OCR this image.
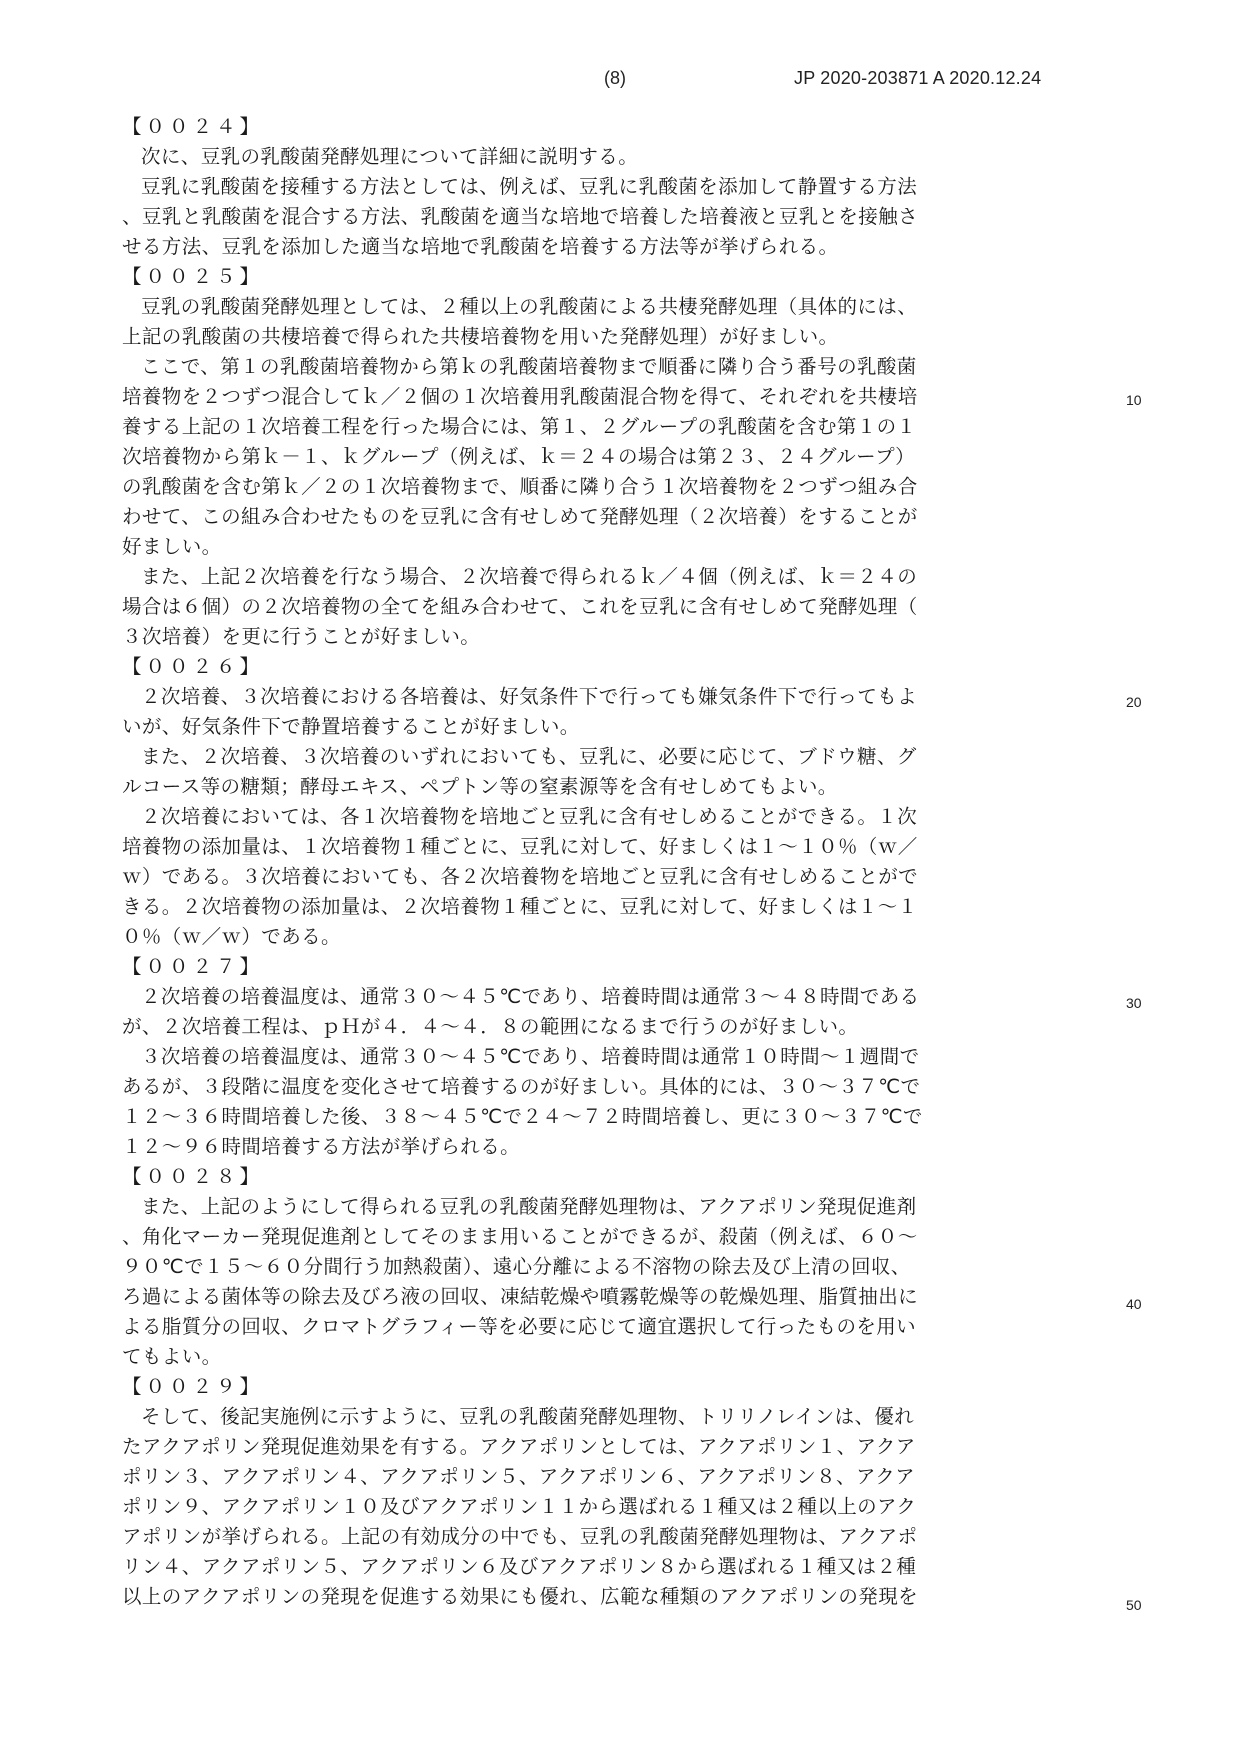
(8)	JP 2020-203871 A 2020.12.24
【００２４】
次に、豆乳の乳酸菌発酵処理について詳細に説明する。
豆乳に乳酸菌を接種する方法としては、例えば、豆乳に乳酸菌を添加して静置する方法
、豆乳と乳酸菌を混合する方法、乳酸菌を適当な培地で培養した培養液と豆乳とを接触さ
せる方法、豆乳を添加した適当な培地で乳酸菌を培養する方法等が挙げられる。
【００２５】
豆乳の乳酸菌発酵処理としては、２種以上の乳酸菌による共棲発酵処理（具体的には、
上記の乳酸菌の共棲培養で得られた共棲培養物を用いた発酵処理）が好ましい。
ここで、第１の乳酸菌培養物から第ｋの乳酸菌培養物まで順番に隣り合う番号の乳酸菌
培養物を２つずつ混合してｋ／２個の１次培養用乳酸菌混合物を得て、それぞれを共棲培
養する上記の１次培養工程を行った場合には、第１、２グループの乳酸菌を含む第１の１
次培養物から第ｋ－１、ｋグループ（例えば、ｋ＝２４の場合は第２３、２４グループ）
の乳酸菌を含む第ｋ／２の１次培養物まで、順番に隣り合う１次培養物を２つずつ組み合
わせて、この組み合わせたものを豆乳に含有せしめて発酵処理（２次培養）をすることが
好ましい。
また、上記２次培養を行なう場合、２次培養で得られるｋ／４個（例えば、ｋ＝２４の
場合は６個）の２次培養物の全てを組み合わせて、これを豆乳に含有せしめて発酵処理（
３次培養）を更に行うことが好ましい。
【００２６】
２次培養、３次培養における各培養は、好気条件下で行っても嫌気条件下で行ってもよ
いが、好気条件下で静置培養することが好ましい。
また、２次培養、３次培養のいずれにおいても、豆乳に、必要に応じて、ブドウ糖、グ
ルコース等の糖類；酵母エキス、ペプトン等の窒素源等を含有せしめてもよい。
２次培養においては、各１次培養物を培地ごと豆乳に含有せしめることができる。１次
培養物の添加量は、１次培養物１種ごとに、豆乳に対して、好ましくは１～１０％（ｗ／
ｗ）である。３次培養においても、各２次培養物を培地ごと豆乳に含有せしめることがで
きる。２次培養物の添加量は、２次培養物１種ごとに、豆乳に対して、好ましくは１～１
０％（ｗ／ｗ）である。
【００２７】
２次培養の培養温度は、通常３０～４５℃であり、培養時間は通常３～４８時間である
が、２次培養工程は、ｐＨが４．４～４．８の範囲になるまで行うのが好ましい。
３次培養の培養温度は、通常３０～４５℃であり、培養時間は通常１０時間～１週間で
あるが、３段階に温度を変化させて培養するのが好ましい。具体的には、３０～３７℃で
１２～３６時間培養した後、３８～４５℃で２４～７２時間培養し、更に３０～３７℃で
１２～９６時間培養する方法が挙げられる。
【００２８】
また、上記のようにして得られる豆乳の乳酸菌発酵処理物は、アクアポリン発現促進剤
、角化マーカー発現促進剤としてそのまま用いることができるが、殺菌（例えば、６０～
９０℃で１５～６０分間行う加熱殺菌）、遠心分離による不溶物の除去及び上清の回収、
ろ過による菌体等の除去及びろ液の回収、凍結乾燥や噴霧乾燥等の乾燥処理、脂質抽出に
よる脂質分の回収、クロマトグラフィー等を必要に応じて適宜選択して行ったものを用い
てもよい。
【００２９】
そして、後記実施例に示すように、豆乳の乳酸菌発酵処理物、トリリノレインは、優れ
たアクアポリン発現促進効果を有する。アクアポリンとしては、アクアポリン１、アクア
ポリン３、アクアポリン４、アクアポリン５、アクアポリン６、アクアポリン８、アクア
ポリン９、アクアポリン１０及びアクアポリン１１から選ばれる１種又は２種以上のアク
アポリンが挙げられる。上記の有効成分の中でも、豆乳の乳酸菌発酵処理物は、アクアポ
リン４、アクアポリン５、アクアポリン６及びアクアポリン８から選ばれる１種又は２種
以上のアクアポリンの発現を促進する効果にも優れ、広範な種類のアクアポリンの発現を
10
20
30
40
50
